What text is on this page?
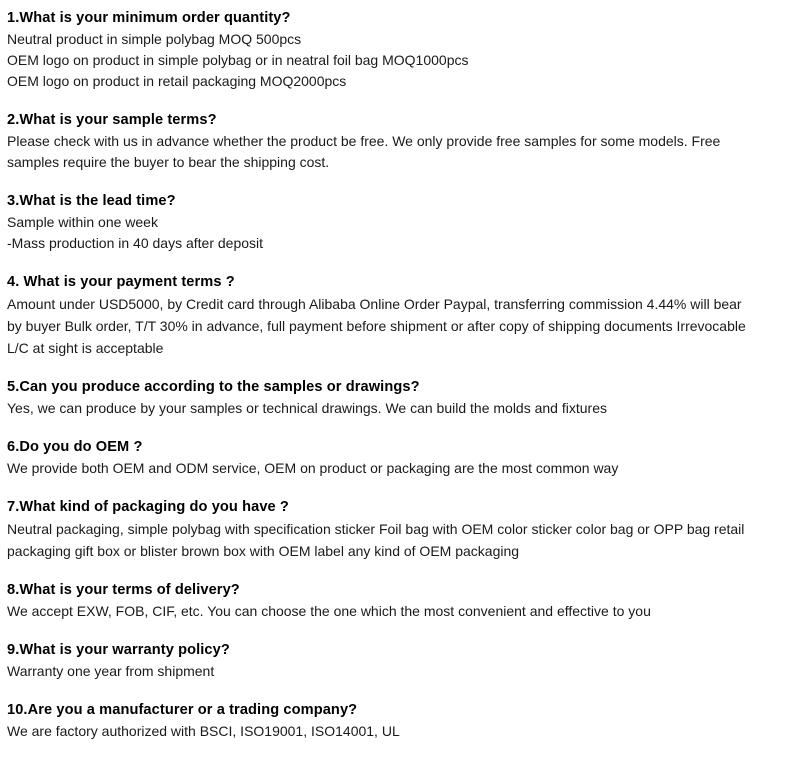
1.What is your minimum order quantity?

Neutral product in simple polybag MOQ 500pcs
OEM logo on product in simple polybag or in neatral foil bag MOQ1000pcs
OEM logo on product in retail packaging MOQ2000pcs

2.What is your sample terms?

Please check with us in advance whether the product be free. We only provide free samples for some models. Free
samples require the buyer to bear the shipping cost.

3.What is the lead time?

Sample within one week
-Mass production in 40 days after deposit

4. What is your payment terms ?

Amount under USD5000, by Credit card through Alibaba Online Order Paypal, transferring commission 4.44% will bear
by buyer Bulk order, T/T 30% in advance, full payment before shipment or after copy of shipping documents Irrevocable
L/C at sight is acceptable

5.Can you produce according to the samples or drawings?

Yes, we can produce by your samples or technical drawings. We can build the molds and fixtures

6.Do you do OEM ?

We provide both OEM and ODM service, OEM on product or packaging are the most common way

7.What kind of packaging do you have ?

Neutral packaging, simple polybag with specification sticker Foil bag with OEM color sticker color bag or OPP bag retail
packaging gift box or blister brown box with OEM label any kind of OEM packaging

8.What is your terms of delivery?

We accept EXW, FOB, CIF, etc. You can choose the one which the most convenient and effective to you

9.What is your warranty policy?

Warranty one year from shipment

10.Are you a manufacturer or a trading company?

We are factory authorized with BSCI, ISO19001, ISO14001, UL
